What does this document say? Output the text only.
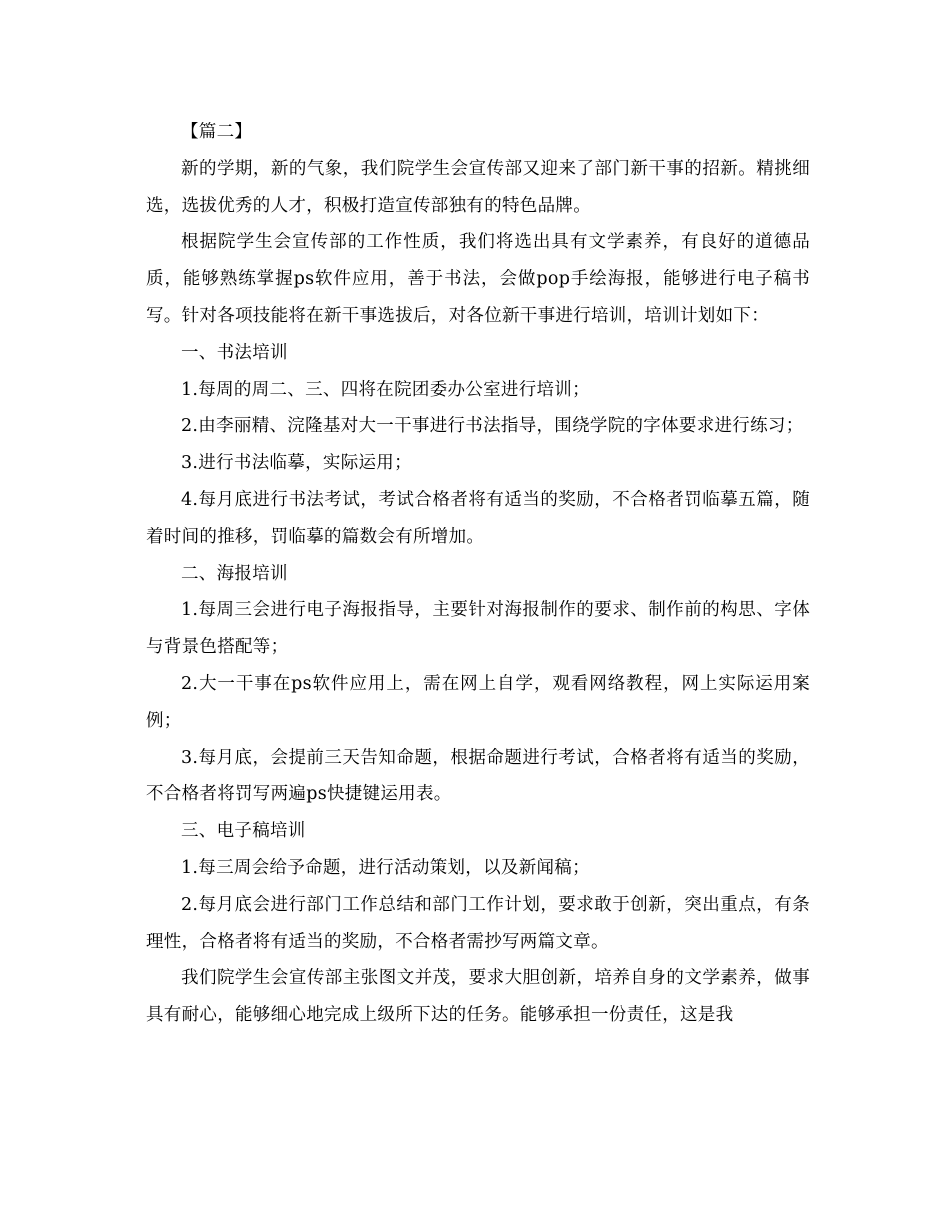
【篇二】

新的学期，新的气象，我们院学生会宣传部又迎来了部门新干事的招新。精挑细选，选拔优秀的人才，积极打造宣传部独有的特色品牌。

根据院学生会宣传部的工作性质，我们将选出具有文学素养，有良好的道德品质，能够熟练掌握ps软件应用，善于书法，会做pop手绘海报，能够进行电子稿书写。针对各项技能将在新干事选拔后，对各位新干事进行培训，培训计划如下：

一、书法培训

1.每周的周二、三、四将在院团委办公室进行培训；

2.由李丽精、浣隆基对大一干事进行书法指导，围绕学院的字体要求进行练习；

3.进行书法临摹，实际运用；

4.每月底进行书法考试，考试合格者将有适当的奖励，不合格者罚临摹五篇，随着时间的推移，罚临摹的篇数会有所增加。

二、海报培训

1.每周三会进行电子海报指导，主要针对海报制作的要求、制作前的构思、字体与背景色搭配等；

2.大一干事在ps软件应用上，需在网上自学，观看网络教程，网上实际运用案例；

3.每月底，会提前三天告知命题，根据命题进行考试，合格者将有适当的奖励，不合格者将罚写两遍ps快捷键运用表。

三、电子稿培训

1.每三周会给予命题，进行活动策划，以及新闻稿；

2.每月底会进行部门工作总结和部门工作计划，要求敢于创新，突出重点，有条理性，合格者将有适当的奖励，不合格者需抄写两篇文章。

我们院学生会宣传部主张图文并茂，要求大胆创新，培养自身的文学素养，做事具有耐心，能够细心地完成上级所下达的任务。能够承担一份责任，这是我
